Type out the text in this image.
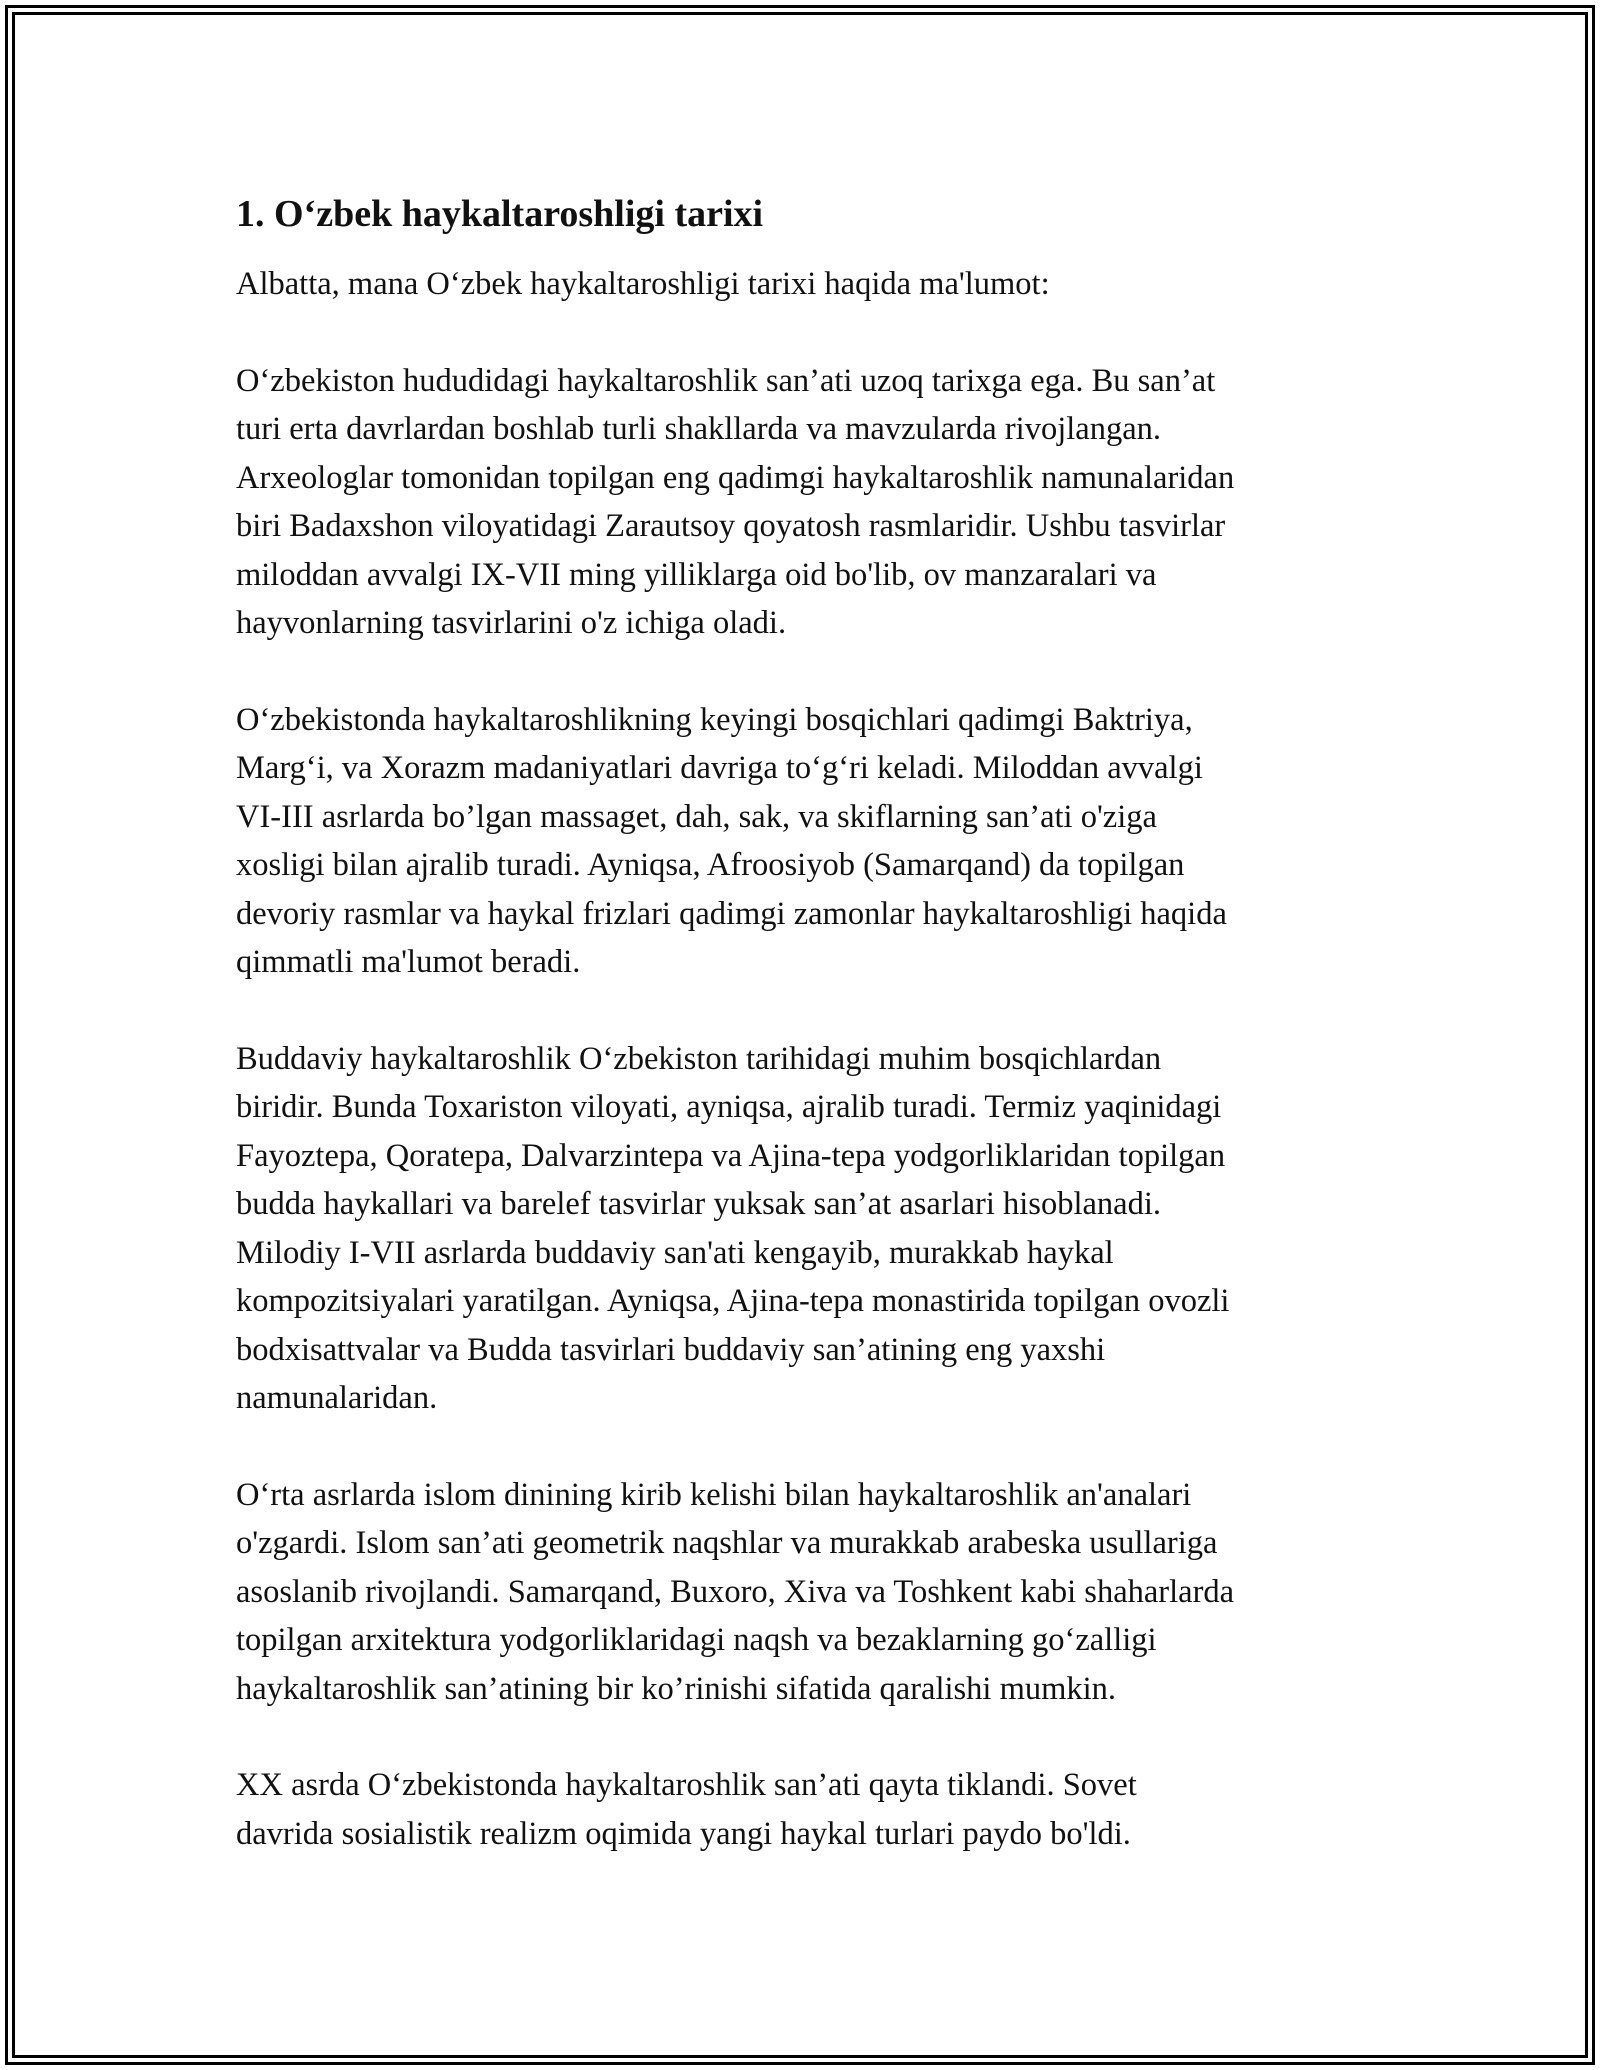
1. O‘zbek haykaltaroshligi tarixi
Albatta, mana O‘zbek haykaltaroshligi tarixi haqida ma'lumot:
O‘zbekiston hududidagi haykaltaroshlik san’ati uzoq tarixga ega. Bu san’at
turi erta davrlardan boshlab turli shakllarda va mavzularda rivojlangan.
Arxeologlar tomonidan topilgan eng qadimgi haykaltaroshlik namunalaridan
biri Badaxshon viloyatidagi Zarautsoy qoyatosh rasmlaridir. Ushbu tasvirlar
miloddan avvalgi IX-VII ming yilliklarga oid bo'lib, ov manzaralari va
hayvonlarning tasvirlarini o'z ichiga oladi.
O‘zbekistonda haykaltaroshlikning keyingi bosqichlari qadimgi Baktriya,
Marg‘i, va Xorazm madaniyatlari davriga to‘g‘ri keladi. Miloddan avvalgi
VI-III asrlarda bo’lgan massaget, dah, sak, va skiflarning san’ati o'ziga
xosligi bilan ajralib turadi. Ayniqsa, Afroosiyob (Samarqand) da topilgan
devoriy rasmlar va haykal frizlari qadimgi zamonlar haykaltaroshligi haqida
qimmatli ma'lumot beradi.
Buddaviy haykaltaroshlik O‘zbekiston tarihidagi muhim bosqichlardan
biridir. Bunda Toxariston viloyati, ayniqsa, ajralib turadi. Termiz yaqinidagi
Fayoztepa, Qoratepa, Dalvarzintepa va Ajina-tepa yodgorliklaridan topilgan
budda haykallari va barelef tasvirlar yuksak san’at asarlari hisoblanadi.
Milodiy I-VII asrlarda buddaviy san'ati kengayib, murakkab haykal
kompozitsiyalari yaratilgan. Ayniqsa, Ajina-tepa monastirida topilgan ovozli
bodxisattvalar va Budda tasvirlari buddaviy san’atining eng yaxshi
namunalaridan.
O‘rta asrlarda islom dinining kirib kelishi bilan haykaltaroshlik an'analari
o'zgardi. Islom san’ati geometrik naqshlar va murakkab arabeska usullariga
asoslanib rivojlandi. Samarqand, Buxoro, Xiva va Toshkent kabi shaharlarda
topilgan arxitektura yodgorliklaridagi naqsh va bezaklarning go‘zalligi
haykaltaroshlik san’atining bir ko’rinishi sifatida qaralishi mumkin.
XX asrda O‘zbekistonda haykaltaroshlik san’ati qayta tiklandi. Sovet
davrida sosialistik realizm oqimida yangi haykal turlari paydo bo'ldi.
